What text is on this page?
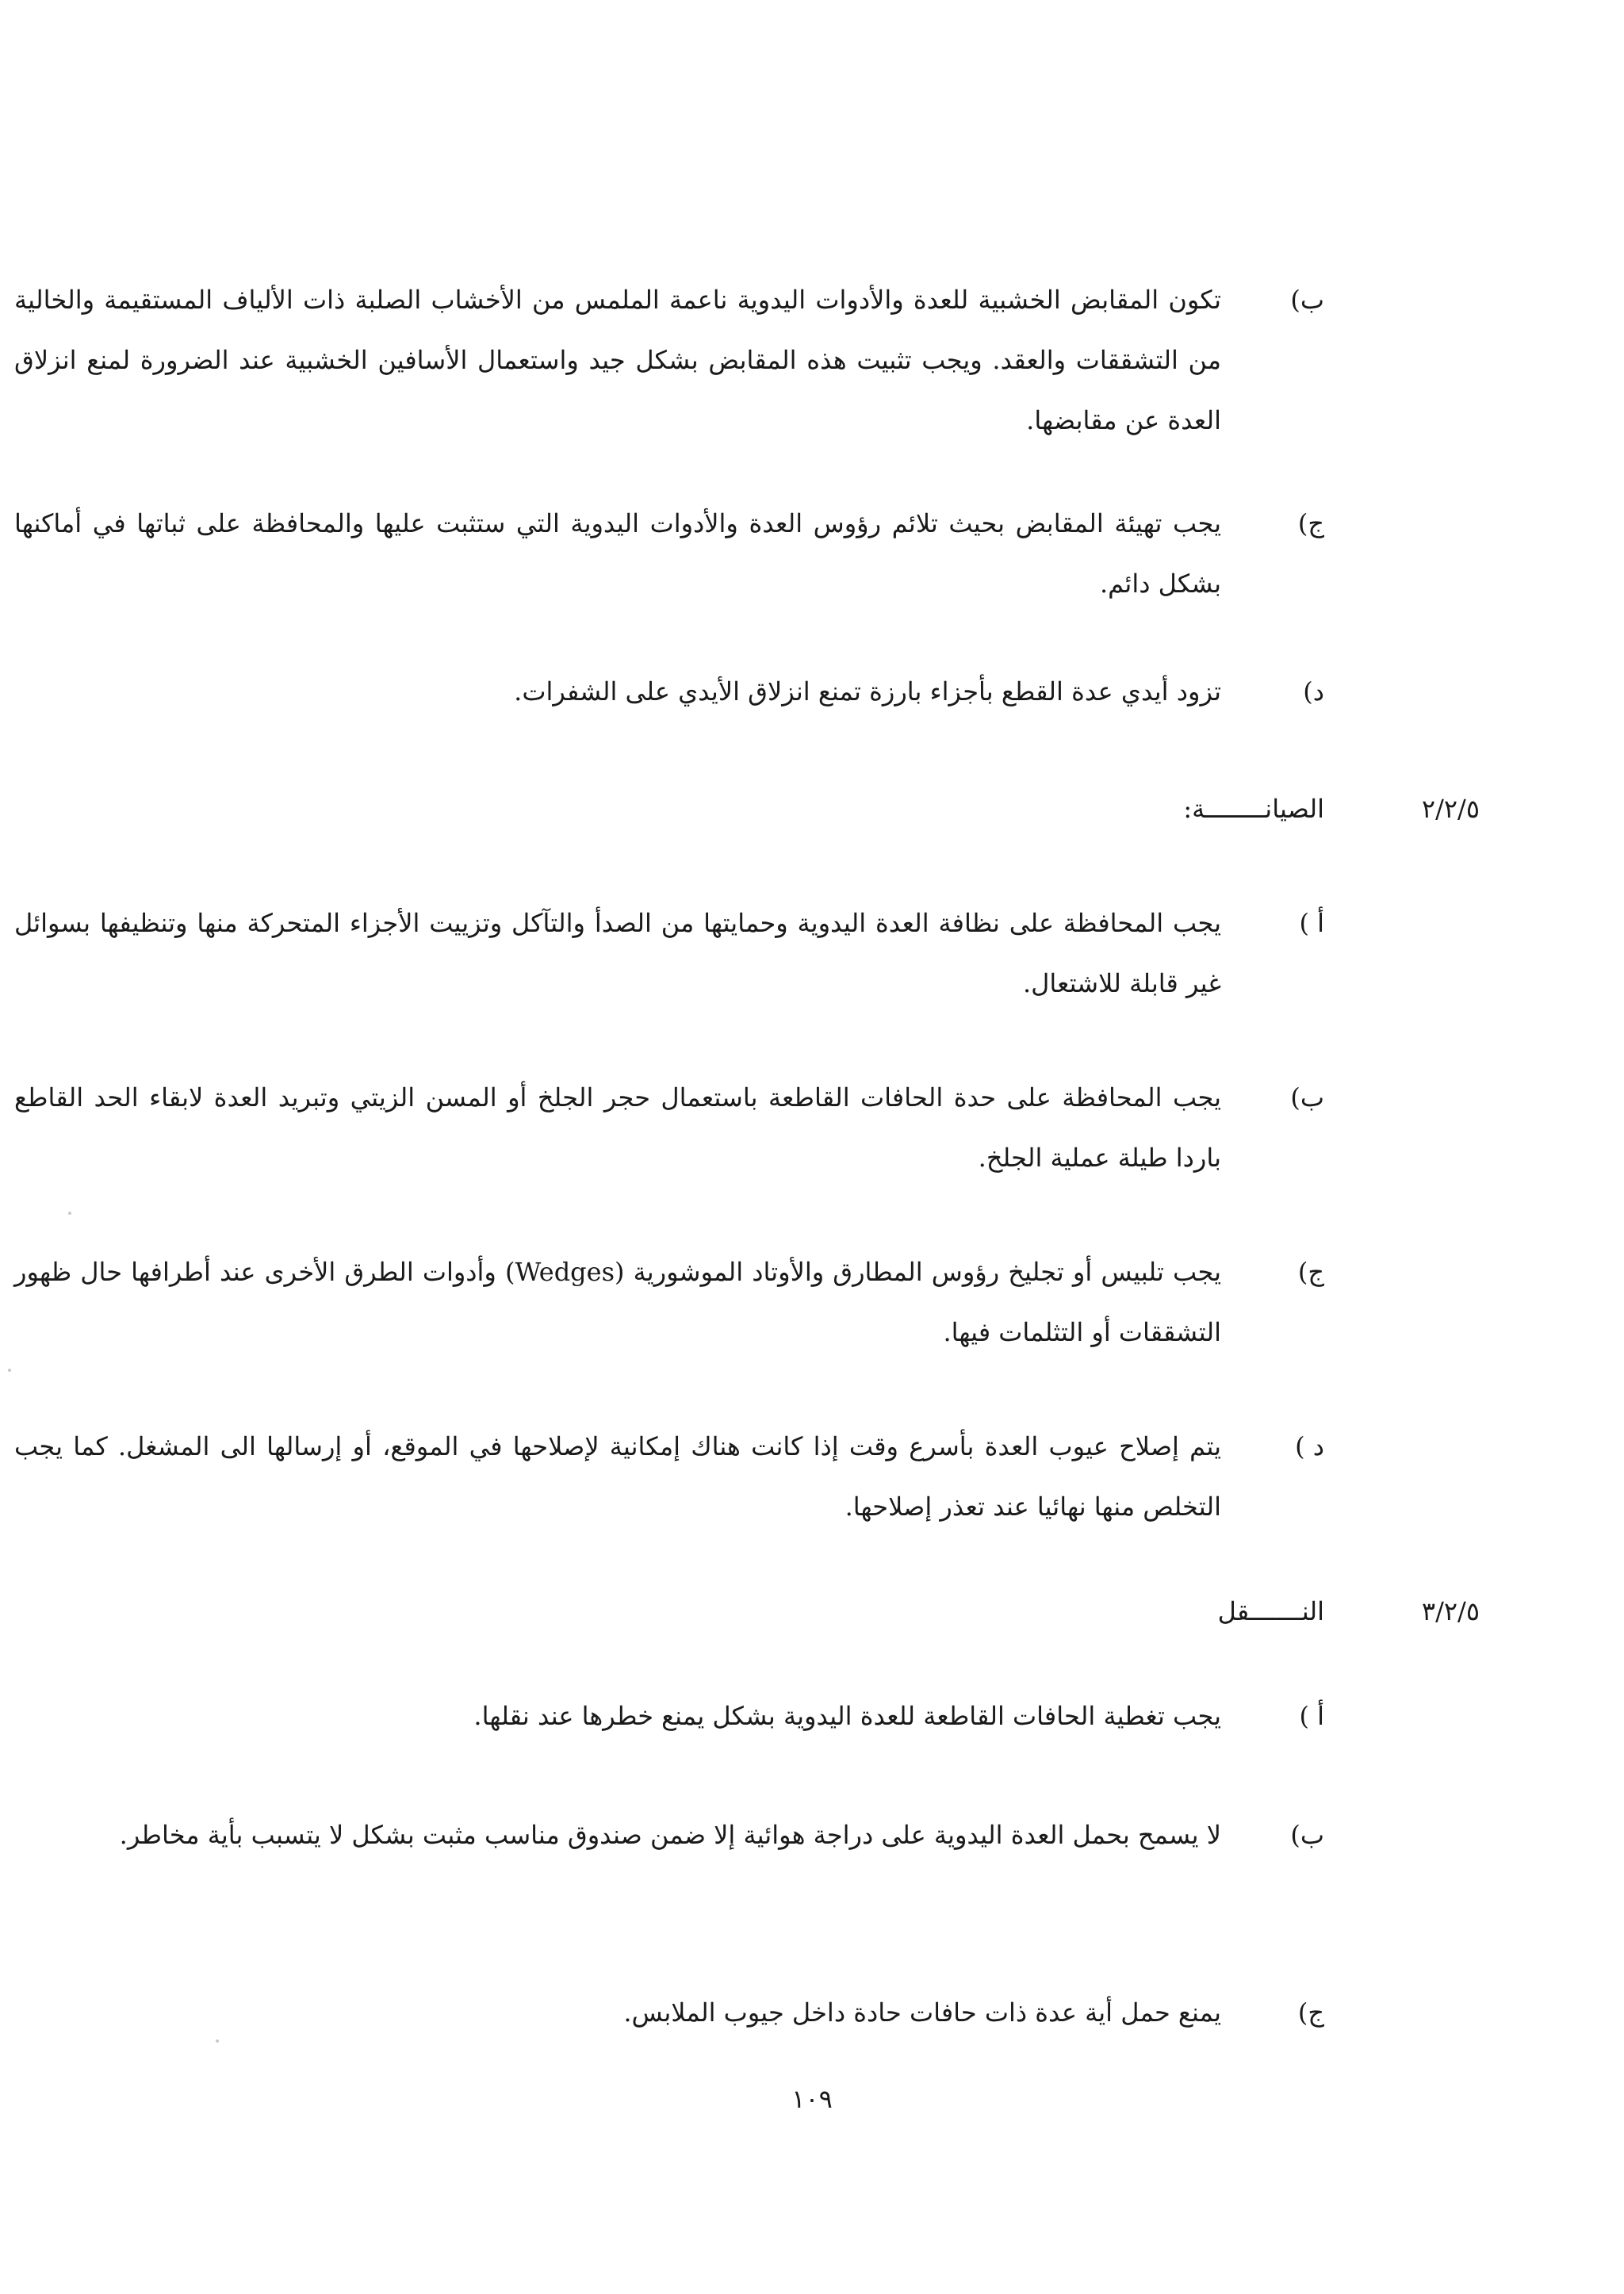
ب)
تكون المقابض الخشبية للعدة والأدوات اليدوية ناعمة الملمس من الأخشاب الصلبة ذات الألياف المستقيمة والخالية من التشققات والعقد. ويجب تثبيت هذه المقابض بشكل جيد واستعمال الأسافين الخشبية عند الضرورة لمنع انزلاق العدة عن مقابضها.
ج)
يجب تهيئة المقابض بحيث تلائم رؤوس العدة والأدوات اليدوية التي ستثبت عليها والمحافظة على ثباتها في أماكنها بشكل دائم.
د)
تزود أيدي عدة القطع بأجزاء بارزة تمنع انزلاق الأيدي على الشفرات.
٢/٢/٥
الصيانــــــــة:
أ )
يجب المحافظة على نظافة العدة اليدوية وحمايتها من الصدأ والتآكل وتزييت الأجزاء المتحركة منها وتنظيفها بسوائل غير قابلة للاشتعال.
ب)
يجب المحافظة على حدة الحافات القاطعة باستعمال حجر الجلخ أو المسن الزيتي وتبريد العدة لابقاء الحد القاطع باردا طيلة عملية الجلخ.
ج)
يجب تلبيس أو تجليخ رؤوس المطارق والأوتاد الموشورية (Wedges) وأدوات الطرق الأخرى عند أطرافها حال ظهور التشققات أو التثلمات فيها.
د )
يتم إصلاح عيوب العدة بأسرع وقت إذا كانت هناك إمكانية لإصلاحها في الموقع، أو إرسالها الى المشغل. كما يجب التخلص منها نهائيا عند تعذر إصلاحها.
٣/٢/٥
النـــــــقل
أ )
يجب تغطية الحافات القاطعة للعدة اليدوية بشكل يمنع خطرها عند نقلها.
ب)
لا يسمح بحمل العدة اليدوية على دراجة هوائية إلا ضمن صندوق مناسب مثبت بشكل لا يتسبب بأية مخاطر.
ج)
يمنع حمل أية عدة ذات حافات حادة داخل جيوب الملابس.
١٠٩
